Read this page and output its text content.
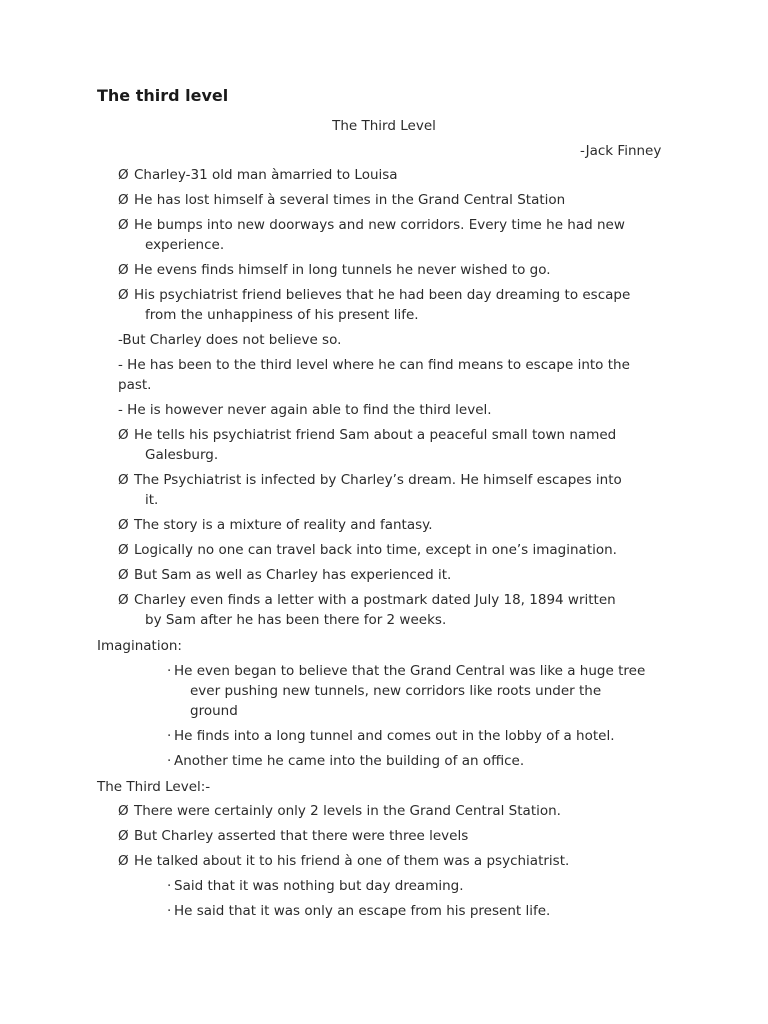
The third level

The Third Level

-Jack Finney

Ø Charley-31 old man àmarried to Louisa

Ø He has lost himself à several times in the Grand Central Station

Ø He bumps into new doorways and new corridors. Every time he had new
experience.

Ø He evens finds himself in long tunnels he never wished to go.

Ø His psychiatrist friend believes that he had been day dreaming to escape
from the unhappiness of his present life.

-But Charley does not believe so.

- He has been to the third level where he can find means to escape into the
past.

- He is however never again able to find the third level.

Ø He tells his psychiatrist friend Sam about a peaceful small town named
Galesburg.

Ø The Psychiatrist is infected by Charley’s dream. He himself escapes into
it.

Ø The story is a mixture of reality and fantasy.

Ø Logically no one can travel back into time, except in one’s imagination.

Ø But Sam as well as Charley has experienced it.

Ø Charley even finds a letter with a postmark dated July 18, 1894 written
by Sam after he has been there for 2 weeks.

Imagination:

· He even began to believe that the Grand Central was like a huge tree
ever pushing new tunnels, new corridors like roots under the
ground

· He finds into a long tunnel and comes out in the lobby of a hotel.

· Another time he came into the building of an office.

The Third Level:-

Ø There were certainly only 2 levels in the Grand Central Station.

Ø But Charley asserted that there were three levels

Ø He talked about it to his friend à one of them was a psychiatrist.

· Said that it was nothing but day dreaming.

· He said that it was only an escape from his present life.
